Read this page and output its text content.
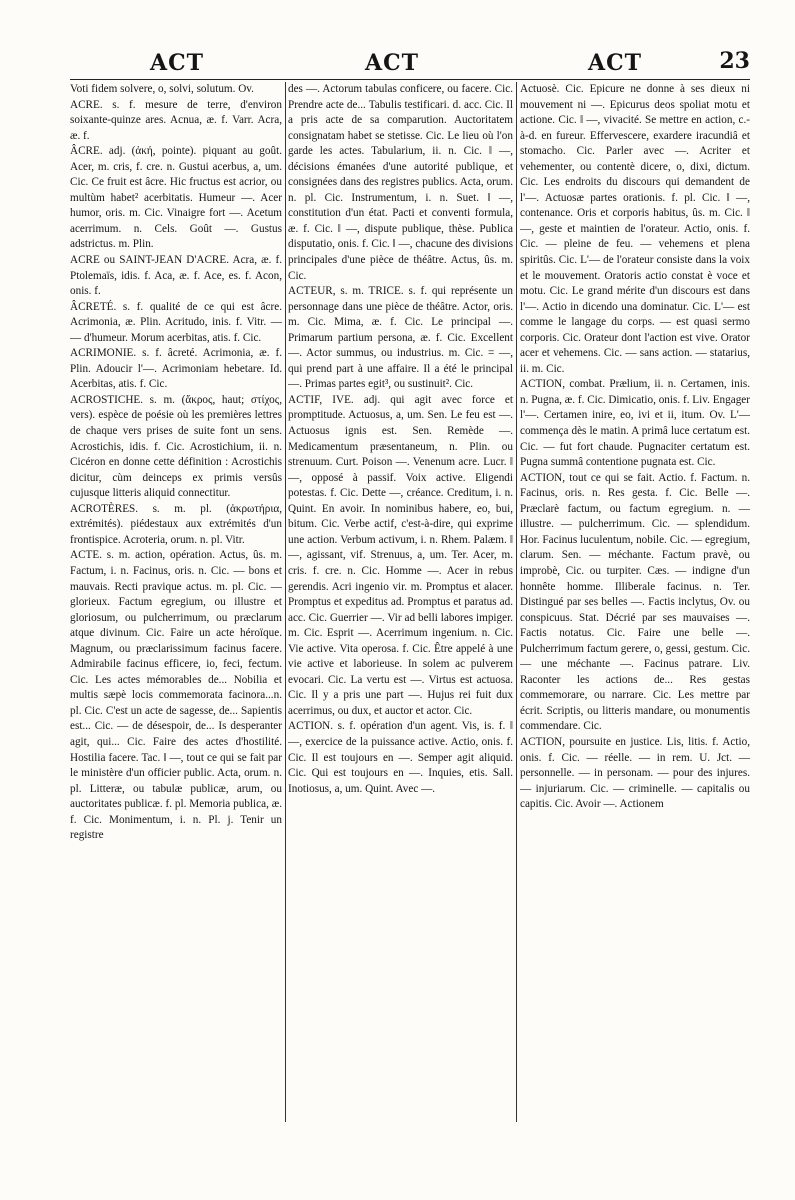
ACT	ACT	ACT	23

Voti fidem solvere, o, solvi, solutum. Ov.

ACRE. s. f. mesure de terre, d'environ soixante-quinze ares. Acnua, æ. f. Varr. Acra, æ. f.

ÂCRE. adj. (ἀκή, pointe). piquant au goût. Acer, m. cris, f. cre. n. Gustui acerbus, a, um. Cic. Ce fruit est âcre. Hic fructus est acrior, ou multùm habet² acerbitatis. Humeur —. Acer humor, oris. m. Cic. Vinaigre fort —. Acetum acerrimum. n. Cels. Goût —. Gustus adstrictus. m. Plin.

ACRE ou SAINT-JEAN D'ACRE. Acra, æ. f. Ptolemaïs, idis. f. Aca, æ. f. Ace, es. f. Acon, onis. f.

ÂCRETÉ. s. f. qualité de ce qui est âcre. Acrimonia, æ. Plin. Acritudo, inis. f. Vitr. — — d'humeur. Morum acerbitas, atis. f. Cic.

ACRIMONIE. s. f. âcreté. Acrimonia, æ. f. Plin. Adoucir l'—. Acrimoniam hebetare. Id. Acerbitas, atis. f. Cic.

ACROSTICHE. s. m. (ἄκρος, haut; στίχος, vers). espèce de poésie où les premières lettres de chaque vers prises de suite font un sens. Acrostichis, idis. f. Cic. Acrostichium, ii. n. Cicéron en donne cette définition : Acrostichis dicitur, cùm deinceps ex primis versûs cujusque litteris aliquid connectitur.

ACROTÈRES. s. m. pl. (ἀκρωτήρια, extrémités). piédestaux aux extrémités d'un frontispice. Acroteria, orum. n. pl. Vitr.

ACTE. s. m. action, opération. Actus, ûs. m. Factum, i. n. Facinus, oris. n. Cic. — bons et mauvais. Recti pravique actus. m. pl. Cic. — glorieux. Factum egregium, ou illustre et gloriosum, ou pulcherrimum, ou præclarum atque divinum. Cic. Faire un acte héroïque. Magnum, ou præclarissimum facinus facere. Admirabile facinus efficere, io, feci, fectum. Cic. Les actes mémorables de... Nobilia et multis sæpè locis commemorata facinora...n. pl. Cic. C'est un acte de sagesse, de... Sapientis est... Cic. — de désespoir, de... Is desperanter agit, qui... Cic. Faire des actes d'hostilité. Hostilia facere. Tac. ‖ —, tout ce qui se fait par le ministère d'un officier public. Acta, orum. n. pl. Litteræ, ou tabulæ publicæ, arum, ou auctoritates publicæ. f. pl. Memoria publica, æ. f. Cic. Monimentum, i. n. Pl. j. Tenir un registre

des —. Actorum tabulas conficere, ou facere. Cic. Prendre acte de... Tabulis testificari. d. acc. Cic. Il a pris acte de sa comparution. Auctoritatem consignatam habet se stetisse. Cic. Le lieu où l'on garde les actes. Tabularium, ii. n. Cic. ‖ —, décisions émanées d'une autorité publique, et consignées dans des registres publics. Acta, orum. n. pl. Cic. Instrumentum, i. n. Suet. ‖ —, constitution d'un état. Pacti et conventi formula, æ. f. Cic. ‖ —, dispute publique, thèse. Publica disputatio, onis. f. Cic. ‖ —, chacune des divisions principales d'une pièce de théâtre. Actus, ûs. m. Cic.

ACTEUR, s. m. TRICE. s. f. qui représente un personnage dans une pièce de théâtre. Actor, oris. m. Cic. Mima, æ. f. Cic. Le principal —. Primarum partium persona, æ. f. Cic. Excellent —. Actor summus, ou industrius. m. Cic. = —, qui prend part à une affaire. Il a été le principal —. Primas partes egit³, ou sustinuit². Cic.

ACTIF, IVE. adj. qui agit avec force et promptitude. Actuosus, a, um. Sen. Le feu est —. Actuosus ignis est. Sen. Remède —. Medicamentum præsentaneum, n. Plin. ou strenuum. Curt. Poison —. Venenum acre. Lucr. ‖ —, opposé à passif. Voix active. Eligendi potestas. f. Cic. Dette —, créance. Creditum, i. n. Quint. En avoir. In nominibus habere, eo, bui, bitum. Cic. Verbe actif, c'est-à-dire, qui exprime une action. Verbum activum, i. n. Rhem. Palæm. ‖ —, agissant, vif. Strenuus, a, um. Ter. Acer, m. cris. f. cre. n. Cic. Homme —. Acer in rebus gerendis. Acri ingenio vir. m. Promptus et alacer. Promptus et expeditus ad. Promptus et paratus ad. acc. Cic. Guerrier —. Vir ad belli labores impiger. m. Cic. Esprit —. Acerrimum ingenium. n. Cic. Vie active. Vita operosa. f. Cic. Être appelé à une vie active et laborieuse. In solem ac pulverem evocari. Cic. La vertu est —. Virtus est actuosa. Cic. Il y a pris une part —. Hujus rei fuit dux acerrimus, ou dux, et auctor et actor. Cic.

ACTION. s. f. opération d'un agent. Vis, is. f. ‖ —, exercice de la puissance active. Actio, onis. f. Cic. Il est toujours en —. Semper agit aliquid. Cic. Qui est toujours en —. Inquies, etis. Sall. Inotiosus, a, um. Quint. Avec —.

Actuosè. Cic. Epicure ne donne à ses dieux ni mouvement ni —. Epicurus deos spoliat motu et actione. Cic. ‖ —, vivacité. Se mettre en action, c.-à-d. en fureur. Effervescere, exardere iracundiâ et stomacho. Cic. Parler avec —. Acriter et vehementer, ou contentè dicere, o, dixi, dictum. Cic. Les endroits du discours qui demandent de l'—. Actuosæ partes orationis. f. pl. Cic. ‖ —, contenance. Oris et corporis habitus, ûs. m. Cic. ‖ —, geste et maintien de l'orateur. Actio, onis. f. Cic. — pleine de feu. — vehemens et plena spiritûs. Cic. L'— de l'orateur consiste dans la voix et le mouvement. Oratoris actio constat è voce et motu. Cic. Le grand mérite d'un discours est dans l'—. Actio in dicendo una dominatur. Cic. L'— est comme le langage du corps. — est quasi sermo corporis. Cic. Orateur dont l'action est vive. Orator acer et vehemens. Cic. — sans action. — statarius, ii. m. Cic.

ACTION, combat. Prælium, ii. n. Certamen, inis. n. Pugna, æ. f. Cic. Dimicatio, onis. f. Liv. Engager l'—. Certamen inire, eo, ivi et ii, itum. Ov. L'— commença dès le matin. A primâ luce certatum est. Cic. — fut fort chaude. Pugnaciter certatum est. Pugna summâ contentione pugnata est. Cic.

ACTION, tout ce qui se fait. Actio. f. Factum. n. Facinus, oris. n. Res gesta. f. Cic. Belle —. Præclarè factum, ou factum egregium. n. — illustre. — pulcherrimum. Cic. — splendidum. Hor. Facinus luculentum, nobile. Cic. — egregium, clarum. Sen. — méchante. Factum pravè, ou improbè, Cic. ou turpiter. Cæs. — indigne d'un honnête homme. Illiberale facinus. n. Ter. Distingué par ses belles —. Factis inclytus, Ov. ou conspicuus. Stat. Décrié par ses mauvaises —. Factis notatus. Cic. Faire une belle —. Pulcherrimum factum gerere, o, gessi, gestum. Cic. — une méchante —. Facinus patrare. Liv. Raconter les actions de... Res gestas commemorare, ou narrare. Cic. Les mettre par écrit. Scriptis, ou litteris mandare, ou monumentis commendare. Cic.

ACTION, poursuite en justice. Lis, litis. f. Actio, onis. f. Cic. — réelle. — in rem. U. Jct. — personnelle. — in personam. — pour des injures. — injuriarum. Cic. — criminelle. — capitalis ou capitis. Cic. Avoir —. Actionem
